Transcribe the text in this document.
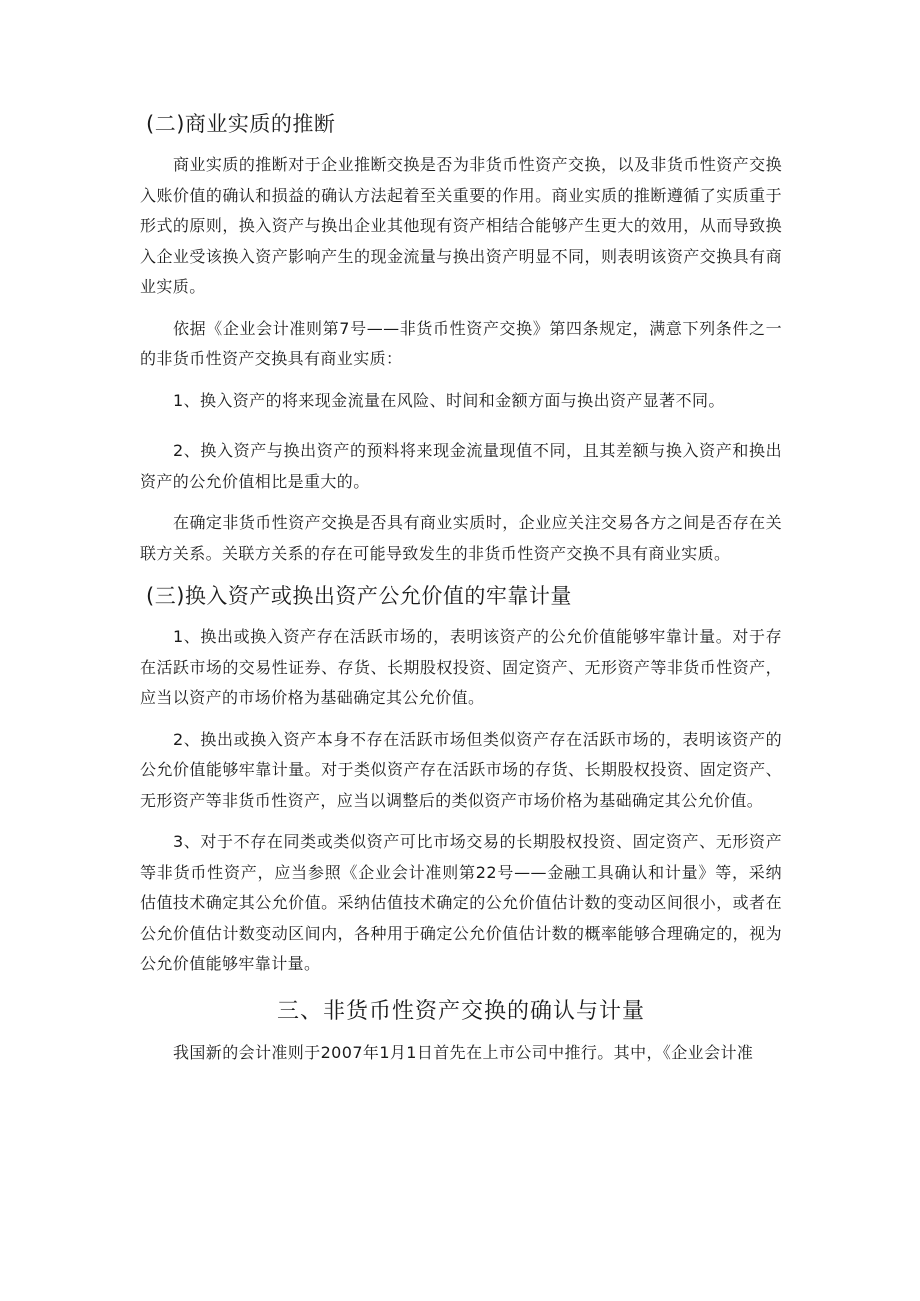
(二)商业实质的推断

商业实质的推断对于企业推断交换是否为非货币性资产交换，以及非货币性资产交换入账价值的确认和损益的确认方法起着至关重要的作用。商业实质的推断遵循了实质重于形式的原则，换入资产与换出企业其他现有资产相结合能够产生更大的效用，从而导致换入企业受该换入资产影响产生的现金流量与换出资产明显不同，则表明该资产交换具有商业实质。

依据《企业会计准则第7号——非货币性资产交换》第四条规定，满意下列条件之一的非货币性资产交换具有商业实质：

1、换入资产的将来现金流量在风险、时间和金额方面与换出资产显著不同。

2、换入资产与换出资产的预料将来现金流量现值不同，且其差额与换入资产和换出资产的公允价值相比是重大的。

在确定非货币性资产交换是否具有商业实质时，企业应关注交易各方之间是否存在关联方关系。关联方关系的存在可能导致发生的非货币性资产交换不具有商业实质。

(三)换入资产或换出资产公允价值的牢靠计量

1、换出或换入资产存在活跃市场的，表明该资产的公允价值能够牢靠计量。对于存在活跃市场的交易性证券、存货、长期股权投资、固定资产、无形资产等非货币性资产，应当以资产的市场价格为基础确定其公允价值。

2、换出或换入资产本身不存在活跃市场但类似资产存在活跃市场的，表明该资产的公允价值能够牢靠计量。对于类似资产存在活跃市场的存货、长期股权投资、固定资产、无形资产等非货币性资产，应当以调整后的类似资产市场价格为基础确定其公允价值。

3、对于不存在同类或类似资产可比市场交易的长期股权投资、固定资产、无形资产等非货币性资产，应当参照《企业会计准则第22号——金融工具确认和计量》等，采纳估值技术确定其公允价值。采纳估值技术确定的公允价值估计数的变动区间很小，或者在公允价值估计数变动区间内，各种用于确定公允价值估计数的概率能够合理确定的，视为公允价值能够牢靠计量。

三、非货币性资产交换的确认与计量

我国新的会计准则于2007年1月1日首先在上市公司中推行。其中，《企业会计准
